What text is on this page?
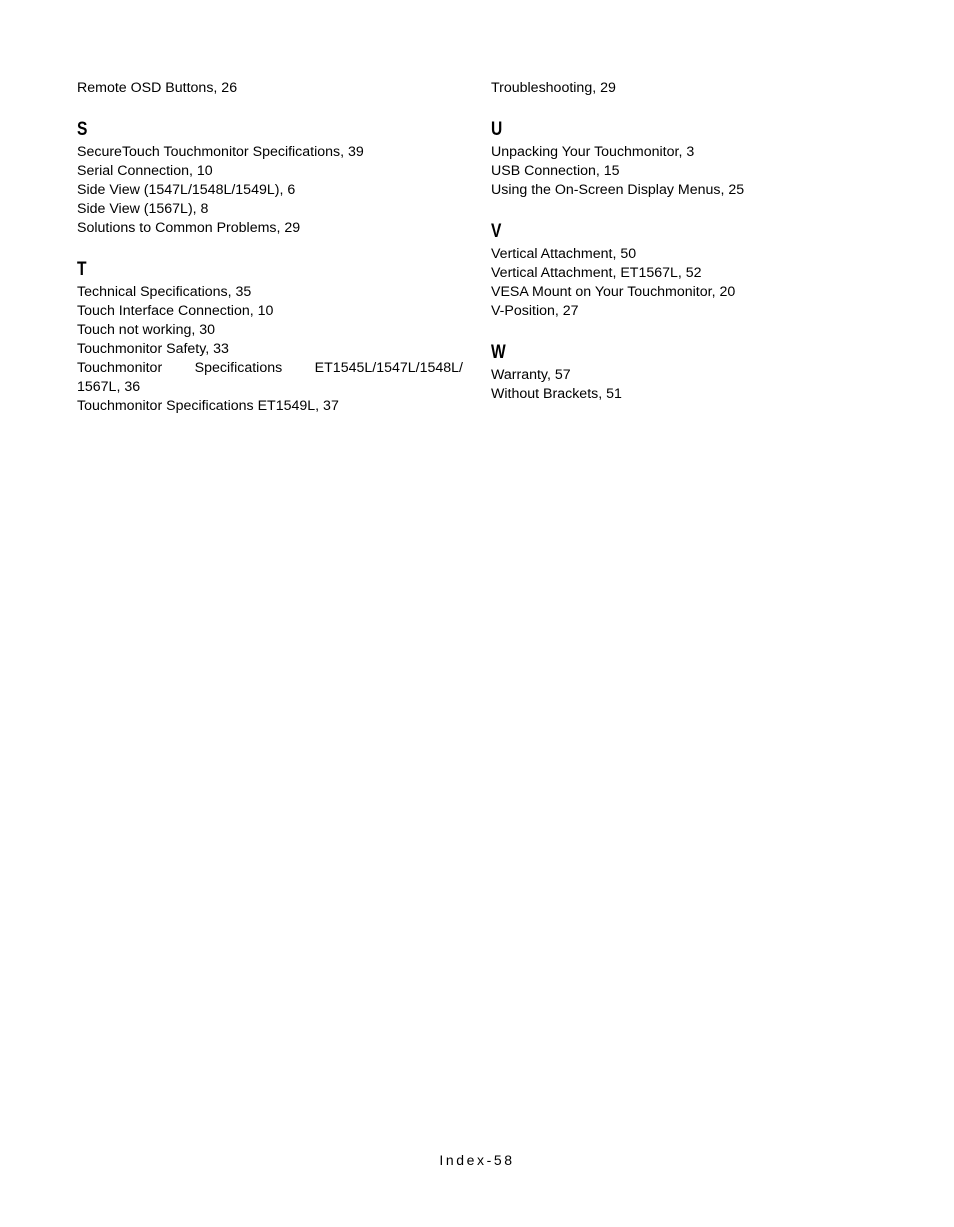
Remote OSD Buttons, 26
S
SecureTouch Touchmonitor Specifications, 39
Serial Connection, 10
Side View (1547L/1548L/1549L), 6
Side View (1567L), 8
Solutions to Common Problems, 29
T
Technical Specifications, 35
Touch Interface Connection, 10
Touch not working, 30
Touchmonitor Safety, 33
Touchmonitor Specifications ET1545L/1547L/1548L/
1567L, 36
Touchmonitor Specifications ET1549L, 37
Troubleshooting, 29
U
Unpacking Your Touchmonitor, 3
USB Connection, 15
Using the On-Screen Display Menus, 25
V
Vertical Attachment, 50
Vertical Attachment, ET1567L, 52
VESA Mount on Your Touchmonitor, 20
V-Position, 27
W
Warranty, 57
Without Brackets, 51
Index-58
